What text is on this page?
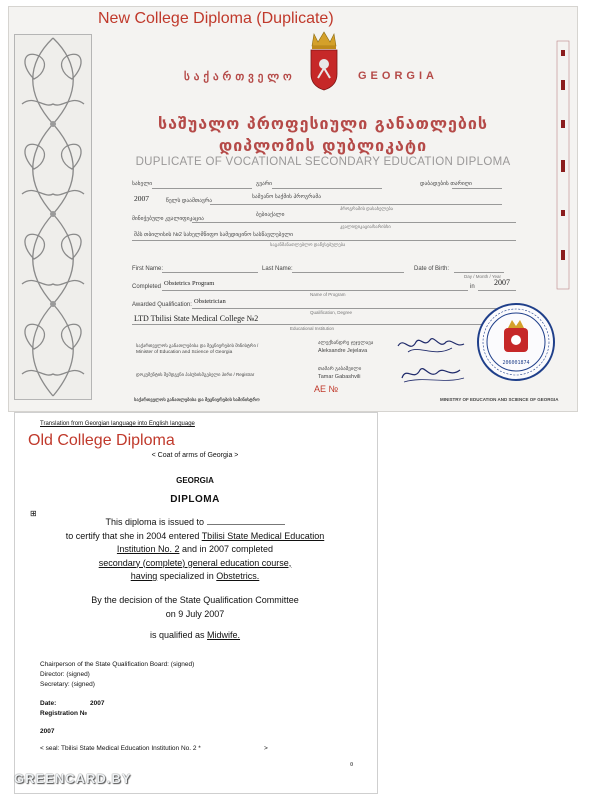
New College Diploma (Duplicate)
საქართველო	GEORGIA
საშუალო პროფესიული განათლების
დიპლომის დუბლიკატი
DUPLICATE OF VOCATIONAL SECONDARY EDUCATION DIPLOMA
სახელი	გვარი	დაბადების თარიღი
2007	წელს დაამთავრა
სამეანო საქმის პროგრამა
პროგრამის დასახელება
მინიჭებული კვალიფიკაცია
ბებიაქალი
კვალიფიკაცია/ხარისხი
შპს თბილისის №2 სახელმწიფო სამედიცინო სასწავლებელი
საგანმანათლებლო დაწესებულება
First Name:	Last Name:	Date of Birth:
Day / Month / Year
Completed Obstetrics Program	in 2007
Name of Program
Awarded Qualification: Obstetrician
Qualification, Degree
LTD Tbilisi State Medical College №2
Educational Institution
საქართველოს განათლებისა და მეცნიერების მინისტრი /
Minister of Education and Science of Georgia
ალექსანდრე ჯეჯელავა
Aleksandre Jejelava
დოკუმენტის შემდგენი პასუხისმგებელი პირი / Registrar
თამარ გაბაშვილი
Tamar Gabashvili
AE №
საქართველოს განათლებისა და მეცნიერების სამინისტრო	MINISTRY OF EDUCATION AND SCIENCE OF GEORGIA
206001874
Translation from Georgian language into English language
Old College Diploma
< Coat of arms of Georgia >
GEORGIA
DIPLOMA
⊞
This diploma is issued to
to certify that she in 2004 entered Tbilisi State Medical Education
Institution No. 2 and in 2007 completed
secondary (complete) general education course,
having specialized in Obstetrics.
By the decision of the State Qualification Committee
on 9 July 2007
is qualified as Midwife.
Chairperson of the State Qualification Board: (signed)
Director: (signed)
Secretary: (signed)
Date:	2007
Registration №
2007
< seal: Tbilisi State Medical Education Institution No. 2 *	>
¤
GREENCARD.BY
